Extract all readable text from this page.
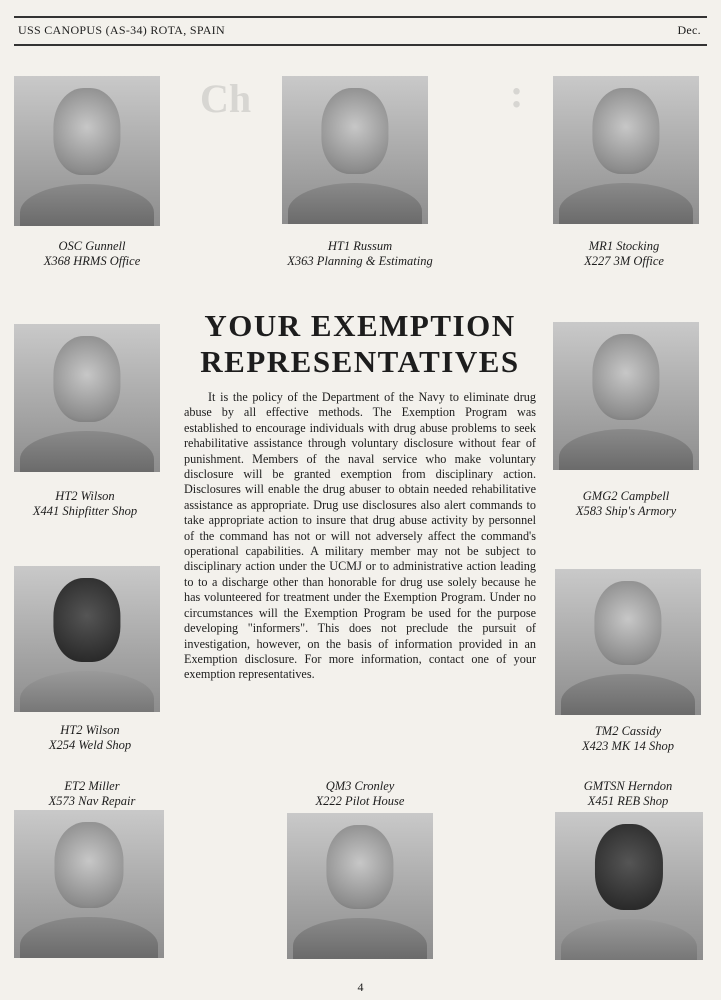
Ch	:
USS CANOPUS (AS-34) ROTA, SPAIN	Dec.
OSC Gunnell
X368 HRMS Office
HT1 Russum
X363 Planning & Estimating
MR1 Stocking
X227 3M Office
HT2 Wilson
X441 Shipfitter Shop
GMG2 Campbell
X583 Ship's Armory
HT2 Wilson
X254 Weld Shop
TM2 Cassidy
X423 MK 14 Shop
ET2 Miller
X573 Nav Repair
QM3 Cronley
X222 Pilot House
GMTSN Herndon
X451 REB Shop
YOUR EXEMPTION
REPRESENTATIVES

It is the policy of the Department of the Navy to eliminate drug abuse by all effective methods. The Exemption Program was established to encourage individuals with drug abuse problems to seek rehabilitative assistance through voluntary disclosure without fear of punishment. Members of the naval service who make voluntary disclosure will be granted exemption from disciplinary action. Disclosures will enable the drug abuser to obtain needed rehabilitative assistance as appropriate. Drug use disclosures also alert commands to take appropriate action to insure that drug abuse activity by personnel of the command has not or will not adversely affect the command's operational capabilities. A military member may not be subject to disciplinary action under the UCMJ or to administrative action leading to to a discharge other than honorable for drug use solely because he has volunteered for treatment under the Exemption Program. Under no circumstances will the Exemption Program be used for the purpose developing "informers". This does not preclude the pursuit of investigation, however, on the basis of information provided in an Exemption disclosure. For more information, contact one of your exemption representatives.

4
